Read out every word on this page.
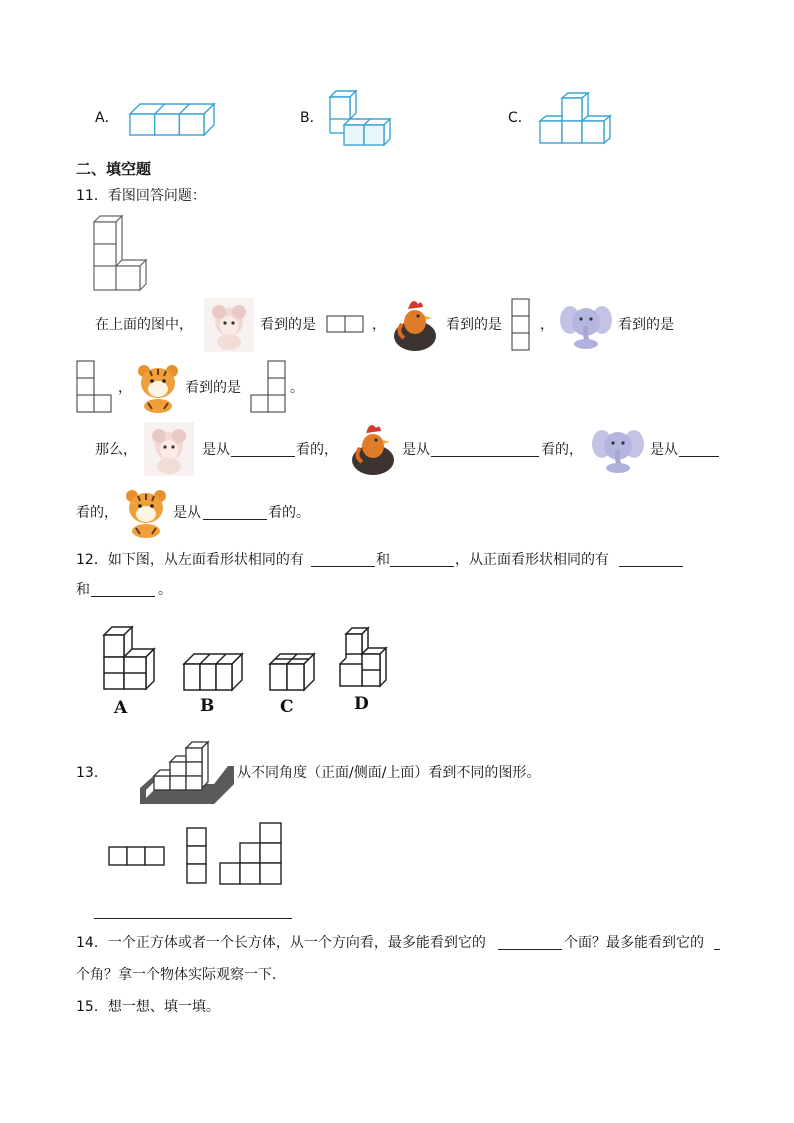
A．	B．	C．
二、填空题
11．看图回答问题：
在上面的图中，	看到的是	，	看到的是	，	看到的是
，	看到的是	。
那么，	是从	看的，	是从	看的，	是从
看的，	是从	看的。
12．如下图，从左面看形状相同的有	和	，从正面看形状相同的有
和	。
A	B	C	D
13．	从不同角度（正面/侧面/上面）看到不同的图形。
14．一个正方体或者一个长方体，从一个方向看，最多能看到它的	个面？最多能看到它的
个角？拿一个物体实际观察一下．
15．想一想、填一填。
